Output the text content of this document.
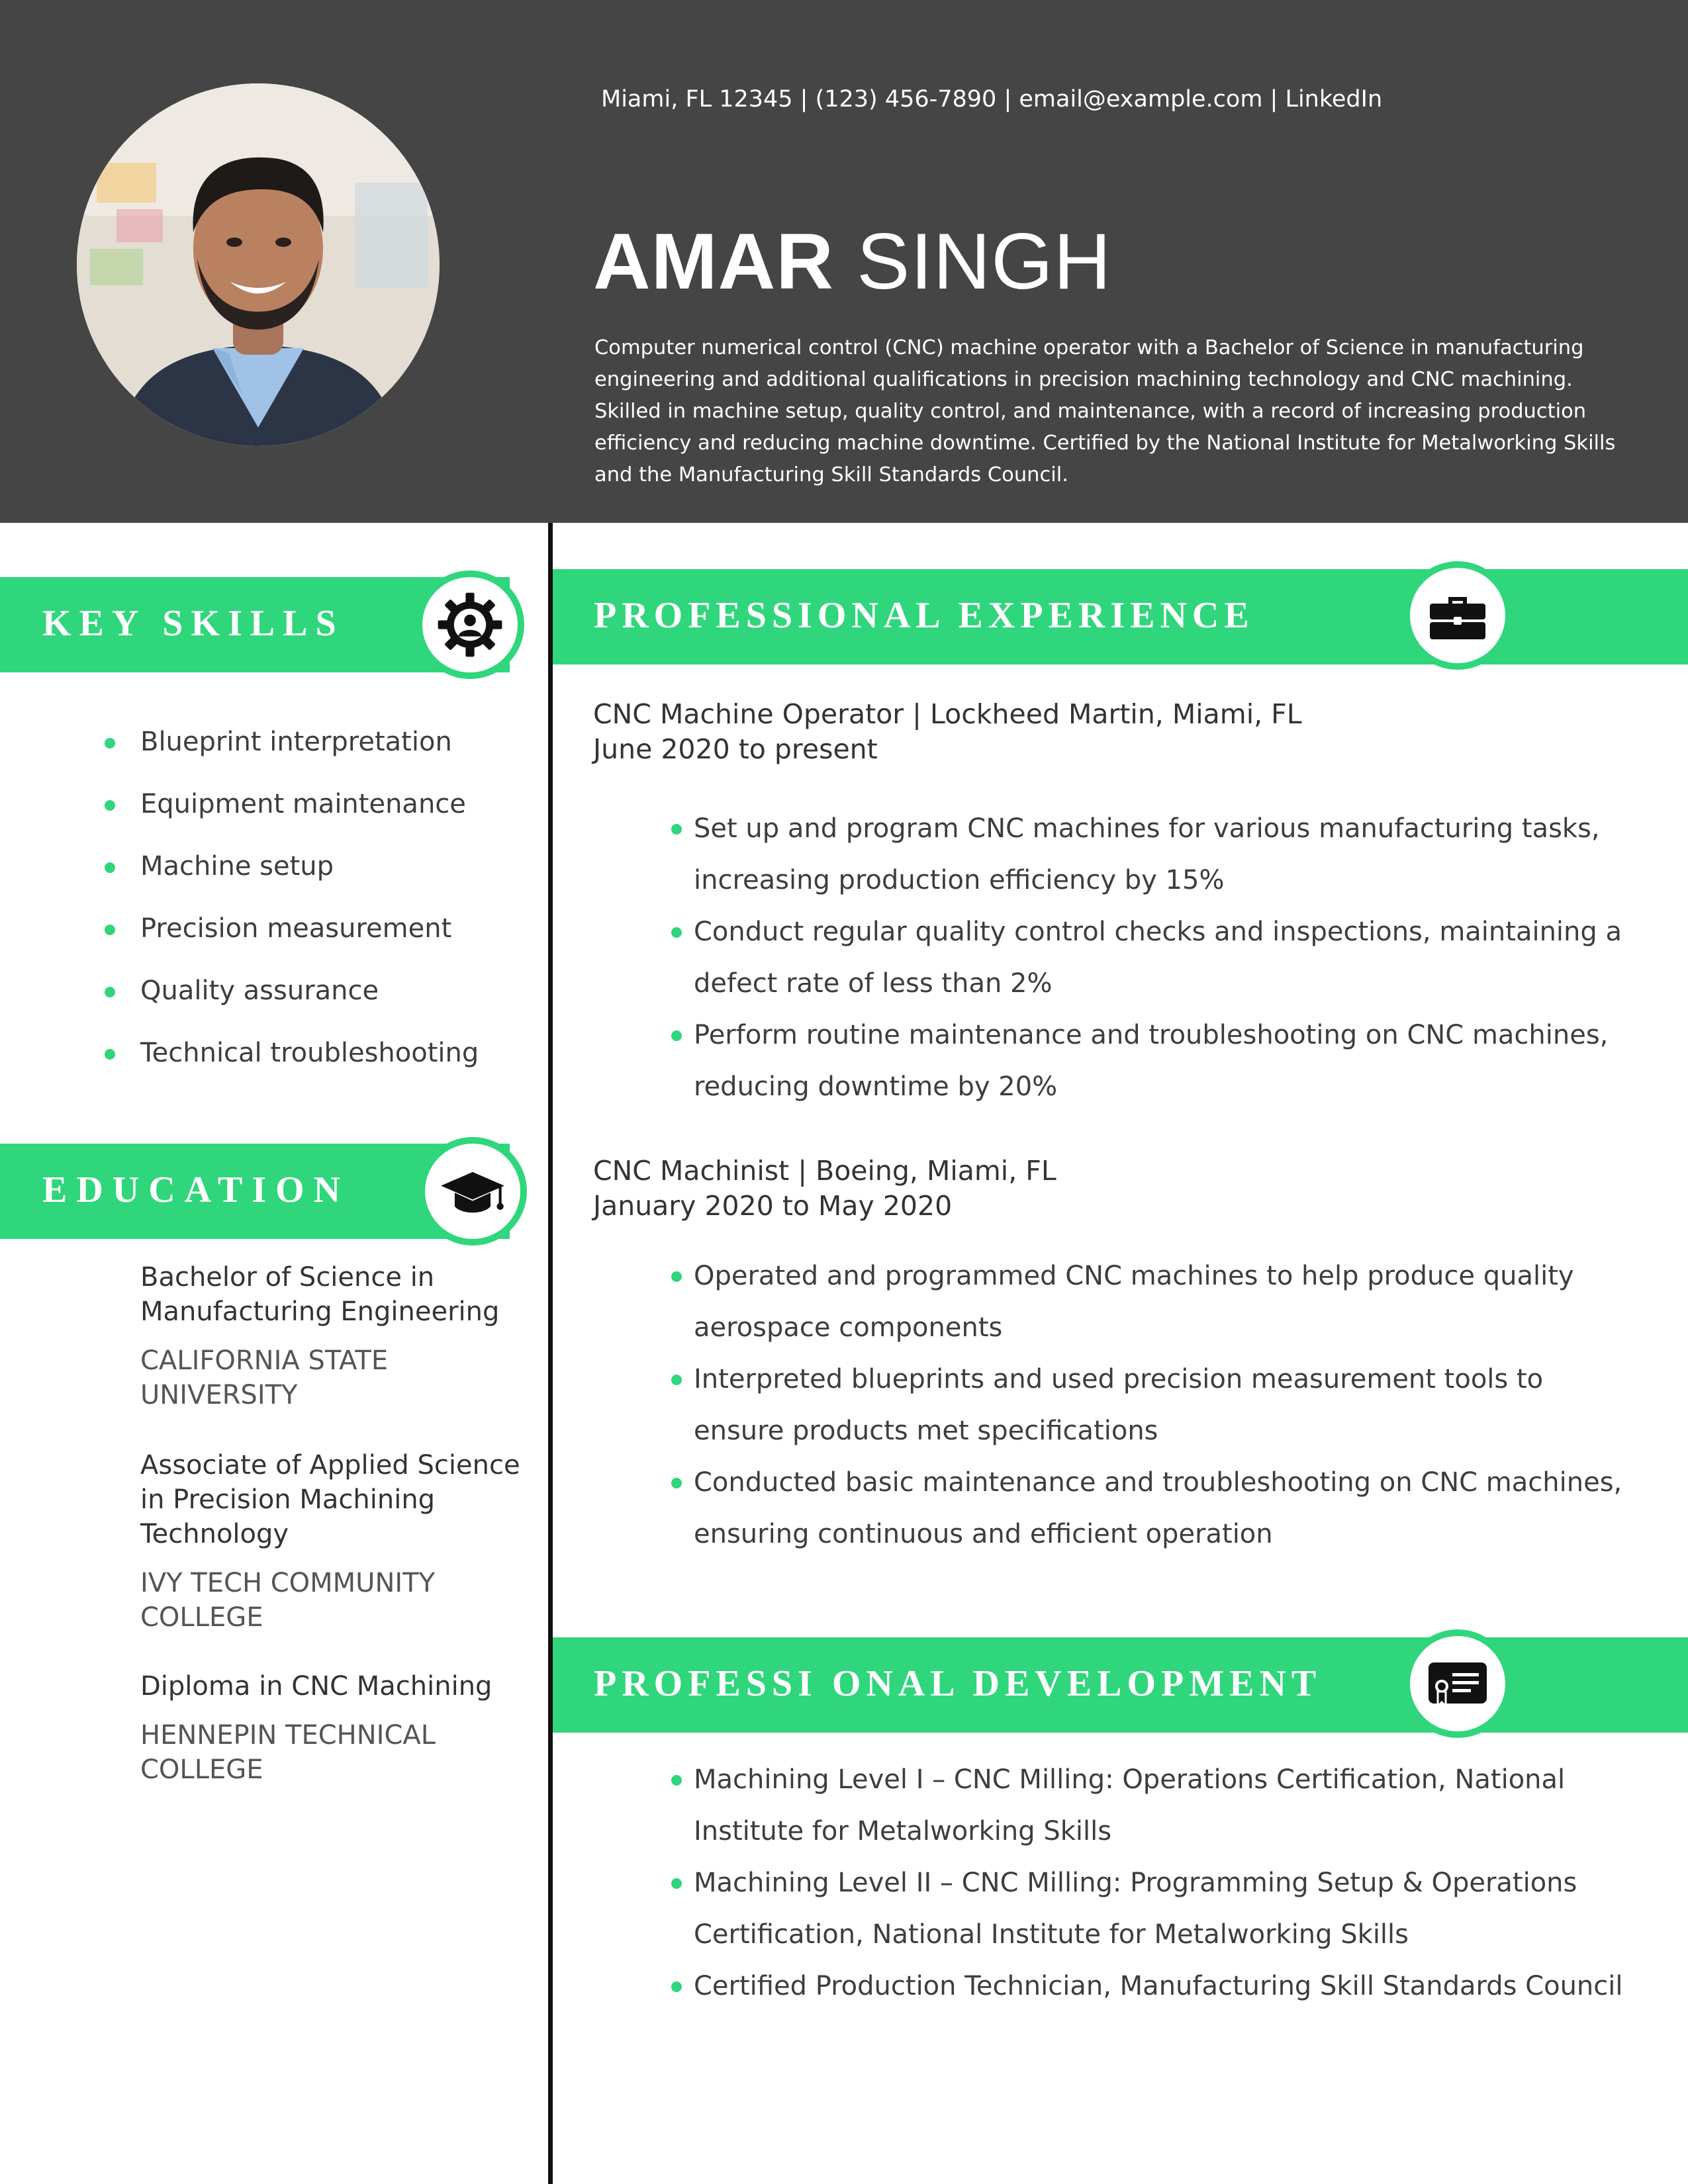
Miami, FL 12345 | (123) 456-7890 | email@example.com | LinkedIn
AMAR SINGH

Computer numerical control (CNC) machine operator with a Bachelor of Science in manufacturing engineering and additional qualifications in precision machining technology and CNC machining. Skilled in machine setup, quality control, and maintenance, with a record of increasing production efficiency and reducing machine downtime. Certified by the National Institute for Metalworking Skills and the Manufacturing Skill Standards Council.

KEY SKILLS
Blueprint interpretation
Equipment maintenance
Machine setup
Precision measurement
Quality assurance
Technical troubleshooting
EDUCATION
Bachelor of Science in Manufacturing Engineering
CALIFORNIA STATE UNIVERSITY
Associate of Applied Science in Precision Machining Technology
IVY TECH COMMUNITY COLLEGE
Diploma in CNC Machining
HENNEPIN TECHNICAL COLLEGE
PROFESSIONAL EXPERIENCE
CNC Machine Operator | Lockheed Martin, Miami, FL
June 2020 to present
Set up and program CNC machines for various manufacturing tasks, increasing production efficiency by 15%
Conduct regular quality control checks and inspections, maintaining a defect rate of less than 2%
Perform routine maintenance and troubleshooting on CNC machines, reducing downtime by 20%
CNC Machinist | Boeing, Miami, FL
January 2020 to May 2020
Operated and programmed CNC machines to help produce quality aerospace components
Interpreted blueprints and used precision measurement tools to ensure products met specifications
Conducted basic maintenance and troubleshooting on CNC machines, ensuring continuous and efficient operation
PROFESSI ONAL DEVELOPMENT
Machining Level I – CNC Milling: Operations Certification, National Institute for Metalworking Skills
Machining Level II – CNC Milling: Programming Setup & Operations Certification, National Institute for Metalworking Skills
Certified Production Technician, Manufacturing Skill Standards Council
